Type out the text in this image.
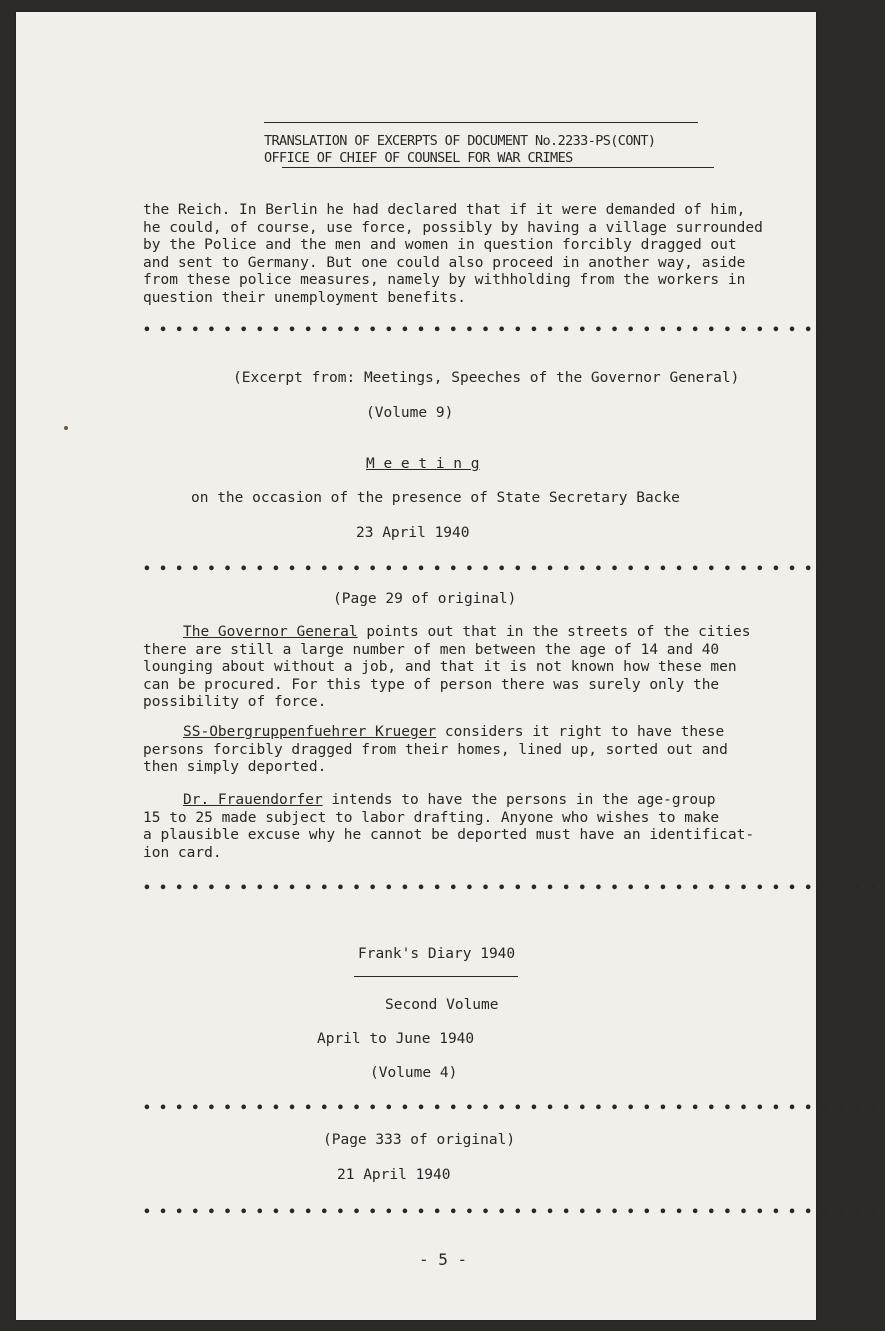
TRANSLATION OF EXCERPTS OF DOCUMENT No.2233-PS(CONT)
OFFICE OF CHIEF OF COUNSEL FOR WAR CRIMES

the Reich. In Berlin he had declared that if it were demanded of him,

he could, of course, use force, possibly by having a village surrounded

by the Police and the men and women in question forcibly dragged out

and sent to Germany. But one could also proceed in another way, aside

from these police measures, namely by withholding from the workers in

question their unemployment benefits.

••••••••••••••••••••••••••••••••••••••••••••••
(Excerpt from: Meetings, Speeches of the Governor General)
(Volume 9)
M e e t i n g
on the occasion of the presence of State Secretary Backe
23 April 1940
••••••••••••••••••••••••••••••••••••••••••••••
(Page 29 of original)

The Governor General points out that in the streets of the cities

there are still a large number of men between the age of 14 and 40

lounging about without a job, and that it is not known how these men

can be procured. For this type of person there was surely only the

possibility of force.

SS-Obergruppenfuehrer Krueger considers it right to have these

persons forcibly dragged from their homes, lined up, sorted out and

then simply deported.

Dr. Frauendorfer intends to have the persons in the age-group

15 to 25 made subject to labor drafting. Anyone who wishes to make

a plausible excuse why he cannot be deported must have an identificat-

ion card.

••••••••••••••••••••••••••••••••••••••••••••••
Frank's Diary 1940
Second Volume
April to June 1940
(Volume 4)
••••••••••••••••••••••••••••••••••••••••••••••
(Page 333 of original)
21 April 1940
••••••••••••••••••••••••••••••••••••••••••••••
- 5 -
